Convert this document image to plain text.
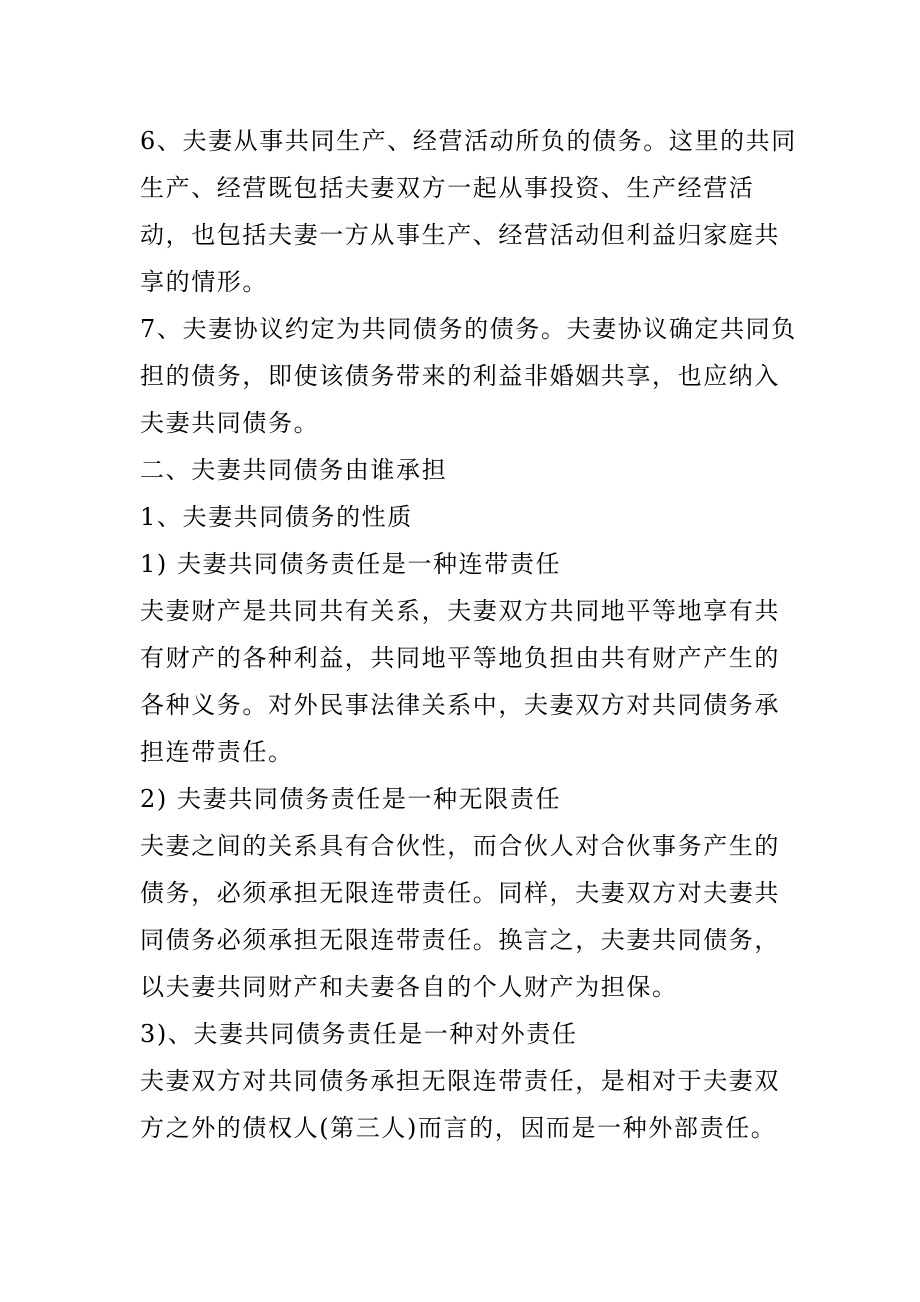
6、夫妻从事共同生产、经营活动所负的债务。这里的共同生产、经营既包括夫妻双方一起从事投资、生产经营活动，也包括夫妻一方从事生产、经营活动但利益归家庭共享的情形。

7、夫妻协议约定为共同债务的债务。夫妻协议确定共同负担的债务，即使该债务带来的利益非婚姻共享，也应纳入夫妻共同债务。

二、夫妻共同债务由谁承担

1、夫妻共同债务的性质

1) 夫妻共同债务责任是一种连带责任

夫妻财产是共同共有关系，夫妻双方共同地平等地享有共有财产的各种利益，共同地平等地负担由共有财产产生的各种义务。对外民事法律关系中，夫妻双方对共同债务承担连带责任。

2) 夫妻共同债务责任是一种无限责任

夫妻之间的关系具有合伙性，而合伙人对合伙事务产生的债务，必须承担无限连带责任。同样，夫妻双方对夫妻共同债务必须承担无限连带责任。换言之，夫妻共同债务，以夫妻共同财产和夫妻各自的个人财产为担保。

3)、夫妻共同债务责任是一种对外责任

夫妻双方对共同债务承担无限连带责任，是相对于夫妻双方之外的债权人(第三人)而言的，因而是一种外部责任。
